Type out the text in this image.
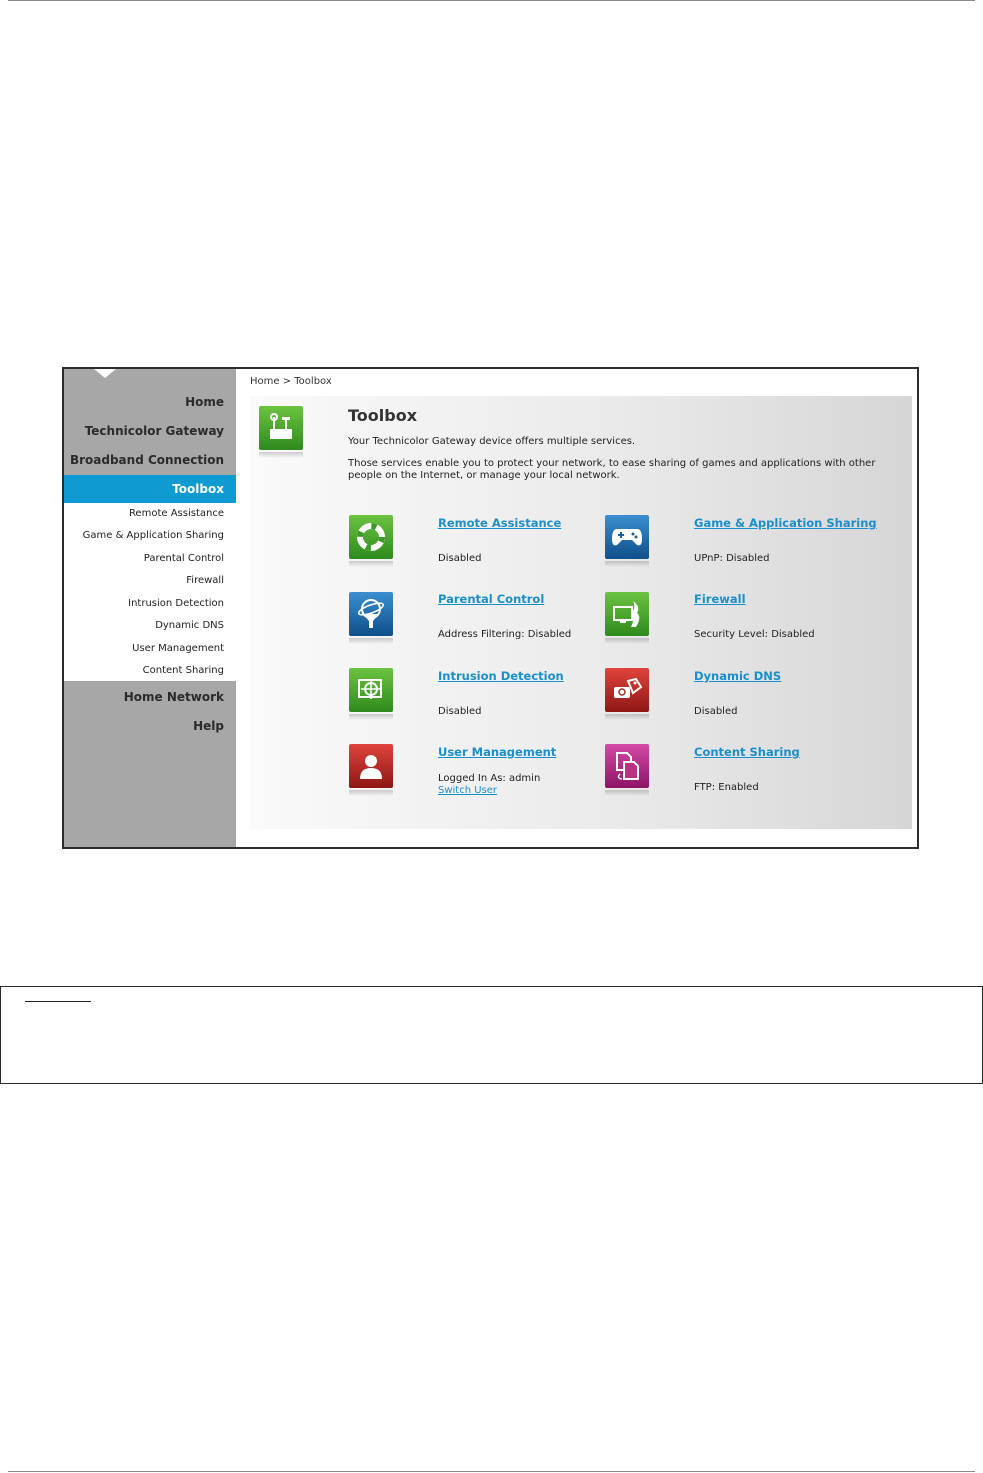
Home
Technicolor Gateway
Broadband Connection
Toolbox
Remote Assistance
Game & Application Sharing
Parental Control
Firewall
Intrusion Detection
Dynamic DNS
User Management
Content Sharing
Home Network
Help
Home > Toolbox
Toolbox
Your Technicolor Gateway device offers multiple services.
Those services enable you to protect your network, to ease sharing of games and applications with other people on the Internet, or manage your local network.
Remote Assistance
Disabled
Game & Application Sharing
UPnP: Disabled
Parental Control
Address Filtering: Disabled
Firewall
Security Level: Disabled
Intrusion Detection
Disabled
Dynamic DNS
Disabled
User Management
Logged In As: admin
Switch User
Content Sharing
FTP: Enabled
